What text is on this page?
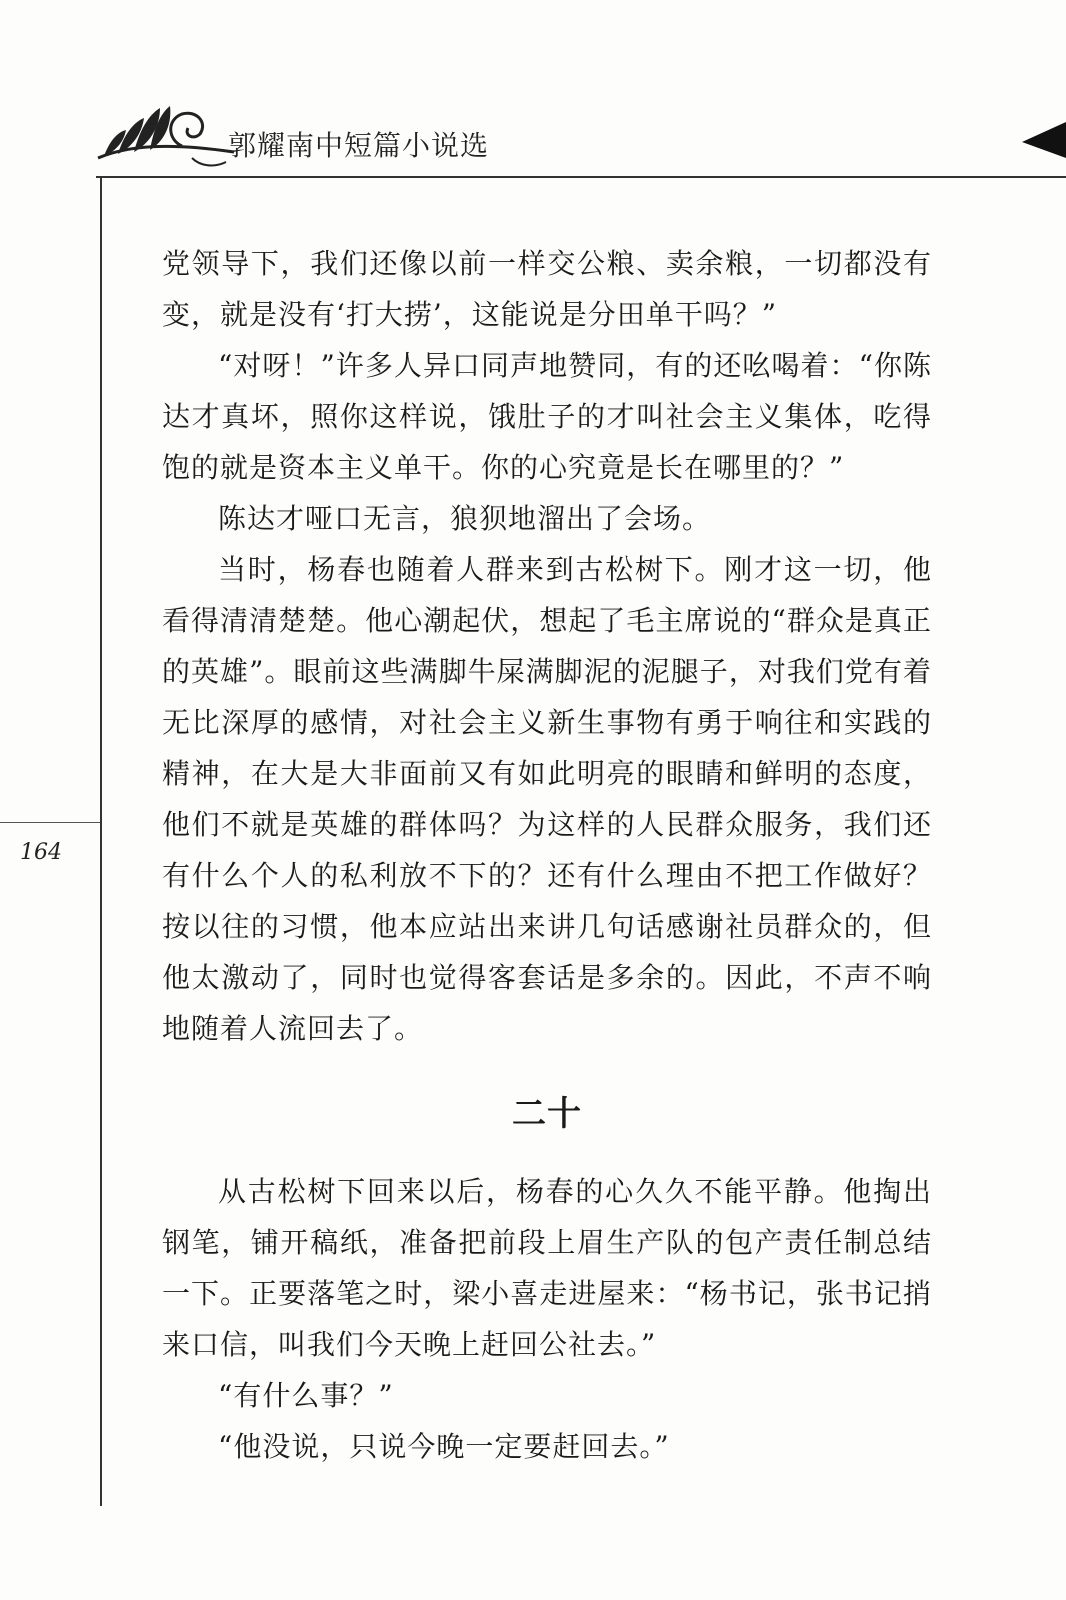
郭耀南中短篇小说选
164

党领导下，我们还像以前一样交公粮、卖余粮，一切都没有变，就是没有‘打大捞’，这能说是分田单干吗？”

“对呀！”许多人异口同声地赞同，有的还吆喝着：“你陈达才真坏，照你这样说，饿肚子的才叫社会主义集体，吃得饱的就是资本主义单干。你的心究竟是长在哪里的？”

陈达才哑口无言，狼狈地溜出了会场。

当时，杨春也随着人群来到古松树下。刚才这一切，他看得清清楚楚。他心潮起伏，想起了毛主席说的“群众是真正的英雄”。眼前这些满脚牛屎满脚泥的泥腿子，对我们党有着无比深厚的感情，对社会主义新生事物有勇于响往和实践的精神，在大是大非面前又有如此明亮的眼睛和鲜明的态度，他们不就是英雄的群体吗？为这样的人民群众服务，我们还有什么个人的私利放不下的？还有什么理由不把工作做好？按以往的习惯，他本应站出来讲几句话感谢社员群众的，但他太激动了，同时也觉得客套话是多余的。因此，不声不响地随着人流回去了。

二十

从古松树下回来以后，杨春的心久久不能平静。他掏出钢笔，铺开稿纸，准备把前段上眉生产队的包产责任制总结一下。正要落笔之时，梁小喜走进屋来：“杨书记，张书记捎来口信，叫我们今天晚上赶回公社去。”

“有什么事？”

“他没说，只说今晚一定要赶回去。”
